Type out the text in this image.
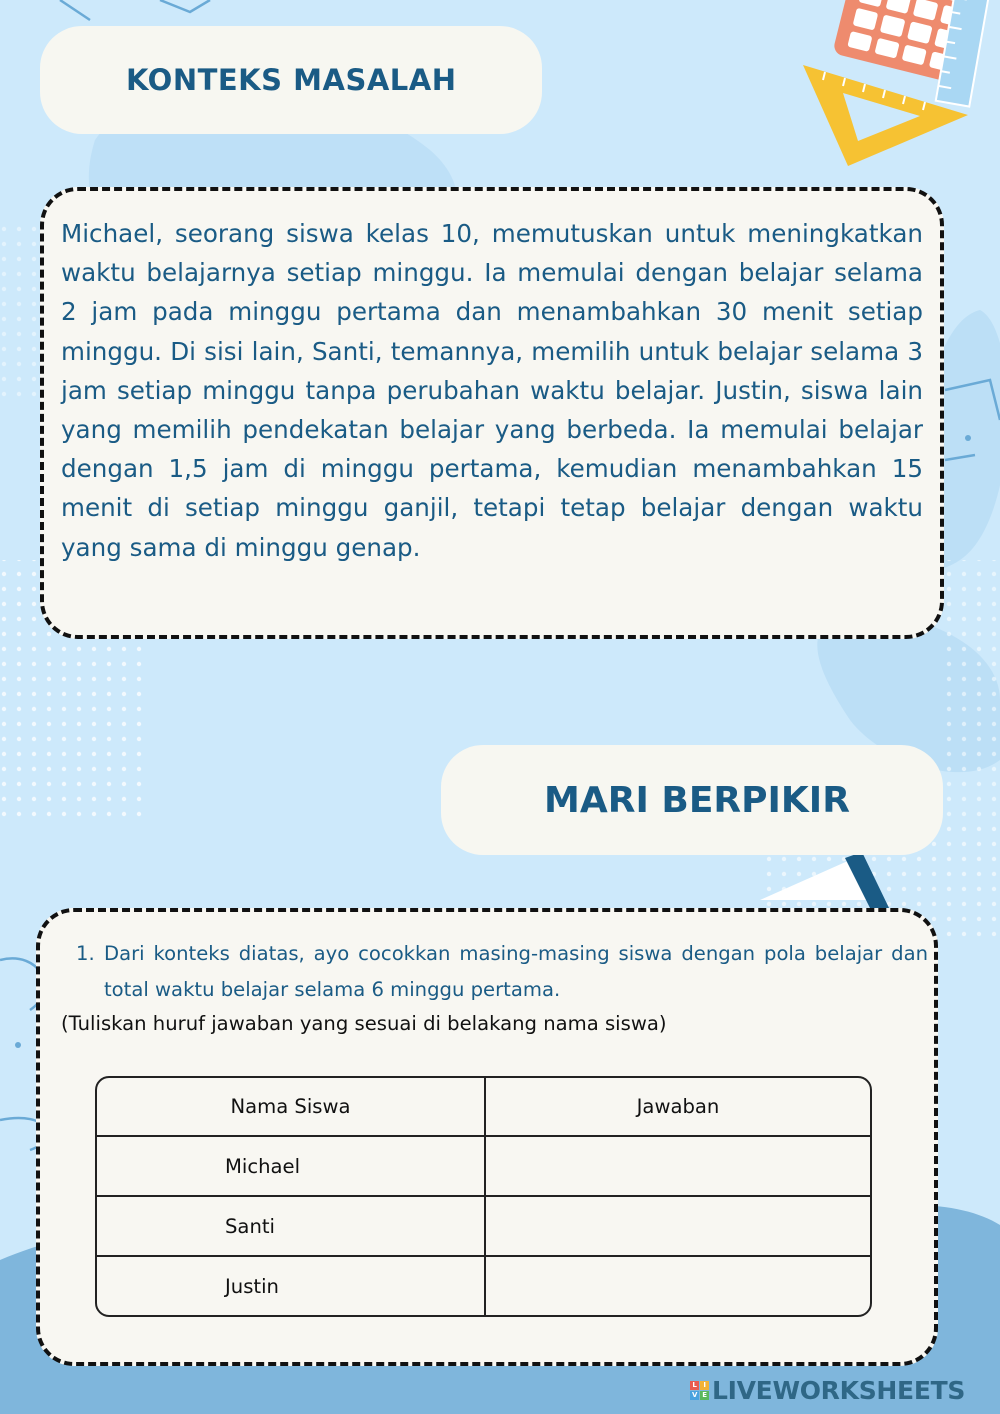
KONTEKS MASALAH
Michael, seorang siswa kelas 10, memutuskan untuk meningkatkan waktu belajarnya setiap minggu. Ia memulai dengan belajar selama 2 jam pada minggu pertama dan menambahkan 30 menit setiap minggu. Di sisi lain, Santi, temannya, memilih untuk belajar selama 3 jam setiap minggu tanpa perubahan waktu belajar. Justin, siswa lain yang memilih pendekatan belajar yang berbeda. Ia memulai belajar dengan 1,5 jam di minggu pertama, kemudian menambahkan 15 menit di setiap minggu ganjil, tetapi tetap belajar dengan waktu yang sama di minggu genap.
MARI BERPIKIR
1. Dari konteks diatas, ayo cocokkan masing-masing siswa dengan pola belajar dan total waktu belajar selama 6 minggu pertama.
(Tuliskan huruf jawaban yang sesuai di belakang nama siswa)
Nama Siswa	Jawaban
Michael	
Santi	
Justin	
L I
V E LIVEWORKSHEETS
